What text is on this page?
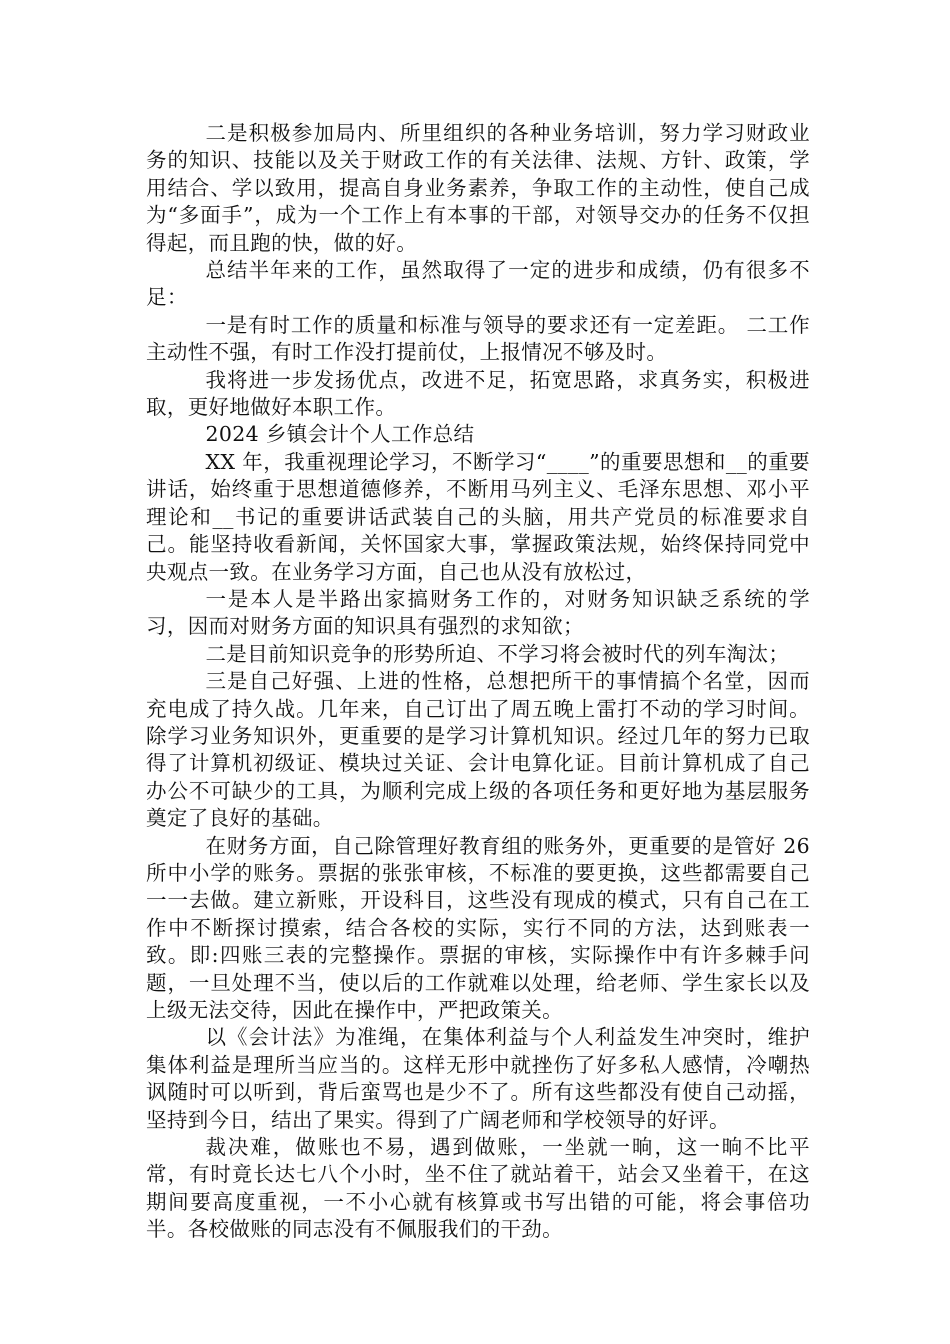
二是积极参加局内、所里组织的各种业务培训，努力学习财政业务的知识、技能以及关于财政工作的有关法律、法规、方针、政策，学用结合、学以致用，提高自身业务素养，争取工作的主动性，使自己成为“多面手”，成为一个工作上有本事的干部，对领导交办的任务不仅担得起，而且跑的快，做的好。

总结半年来的工作，虽然取得了一定的进步和成绩，仍有很多不足：

一是有时工作的质量和标准与领导的要求还有一定差距。 二工作主动性不强，有时工作没打提前仗，上报情况不够及时。

我将进一步发扬优点，改进不足，拓宽思路，求真务实，积极进取，更好地做好本职工作。

2024 乡镇会计个人工作总结

XX 年，我重视理论学习，不断学习“____”的重要思想和__的重要讲话，始终重于思想道德修养，不断用马列主义、毛泽东思想、邓小平理论和__书记的重要讲话武装自己的头脑，用共产党员的标准要求自己。能坚持收看新闻，关怀国家大事，掌握政策法规，始终保持同党中央观点一致。在业务学习方面，自己也从没有放松过，

一是本人是半路出家搞财务工作的，对财务知识缺乏系统的学习，因而对财务方面的知识具有强烈的求知欲；

二是目前知识竞争的形势所迫、不学习将会被时代的列车淘汰；

三是自己好强、上进的性格，总想把所干的事情搞个名堂，因而充电成了持久战。几年来，自己订出了周五晚上雷打不动的学习时间。除学习业务知识外，更重要的是学习计算机知识。经过几年的努力已取得了计算机初级证、模块过关证、会计电算化证。目前计算机成了自己办公不可缺少的工具，为顺利完成上级的各项任务和更好地为基层服务奠定了良好的基础。

在财务方面，自己除管理好教育组的账务外，更重要的是管好 26 所中小学的账务。票据的张张审核，不标准的要更换，这些都需要自己一一去做。建立新账，开设科目，这些没有现成的模式，只有自己在工作中不断探讨摸索，结合各校的实际，实行不同的方法，达到账表一致。即:四账三表的完整操作。票据的审核，实际操作中有许多棘手问题，一旦处理不当，使以后的工作就难以处理，给老师、学生家长以及上级无法交待，因此在操作中，严把政策关。

以《会计法》为准绳，在集体利益与个人利益发生冲突时，维护集体利益是理所当应当的。这样无形中就挫伤了好多私人感情，冷嘲热讽随时可以听到，背后蛮骂也是少不了。所有这些都没有使自己动摇，坚持到今日，结出了果实。得到了广阔老师和学校领导的好评。

裁决难，做账也不易，遇到做账，一坐就一晌，这一晌不比平常，有时竟长达七八个小时，坐不住了就站着干，站会又坐着干，在这期间要高度重视，一不小心就有核算或书写出错的可能，将会事倍功半。各校做账的同志没有不佩服我们的干劲。
